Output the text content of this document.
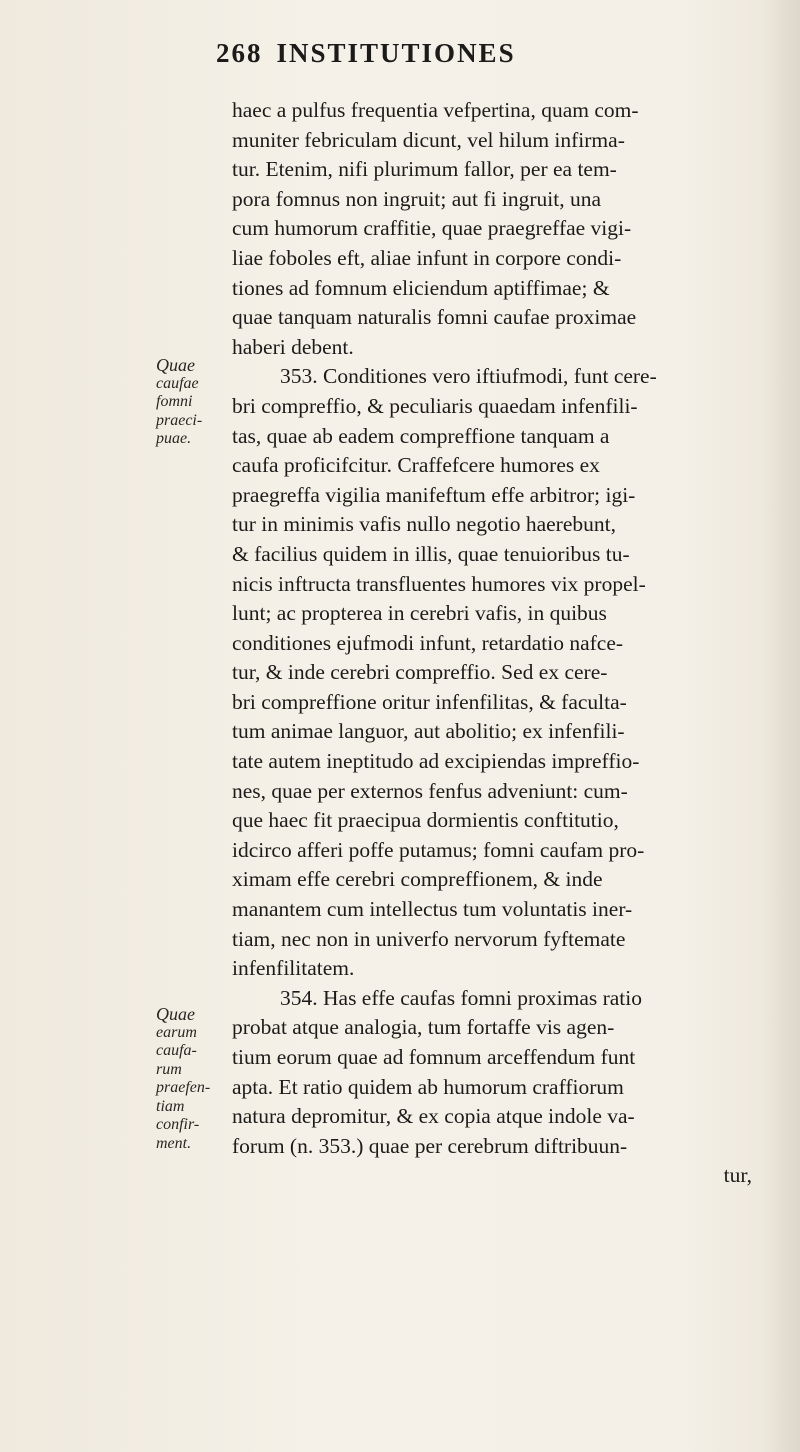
268 INSTITUTIONES
Quae
caufae
fomni
praeci-
puae.
Quae
earum
caufa-
rum
praefen-
tiam
confir-
ment.
haec a pulfus frequentia vefpertina, quam com-
muniter febriculam dicunt, vel hilum infirma-
tur. Etenim, nifi plurimum fallor, per ea tem-
pora fomnus non ingruit; aut fi ingruit, una
cum humorum craffitie, quae praegreffae vigi-
liae foboles eft, aliae infunt in corpore condi-
tiones ad fomnum eliciendum aptiffimae; &
quae tanquam naturalis fomni caufae proximae
haberi debent.
353. Conditiones vero iftiufmodi, funt cere-
bri compreffio, & peculiaris quaedam infenfili-
tas, quae ab eadem compreffione tanquam a
caufa proficifcitur. Craffefcere humores ex
praegreffa vigilia manifeftum effe arbitror; igi-
tur in minimis vafis nullo negotio haerebunt,
& facilius quidem in illis, quae tenuioribus tu-
nicis inftructa transfluentes humores vix propel-
lunt; ac propterea in cerebri vafis, in quibus
conditiones ejufmodi infunt, retardatio nafce-
tur, & inde cerebri compreffio. Sed ex cere-
bri compreffione oritur infenfilitas, & faculta-
tum animae languor, aut abolitio; ex infenfili-
tate autem ineptitudo ad excipiendas impreffio-
nes, quae per externos fenfus adveniunt: cum-
que haec fit praecipua dormientis conftitutio,
idcirco afferi poffe putamus; fomni caufam pro-
ximam effe cerebri compreffionem, & inde
manantem cum intellectus tum voluntatis iner-
tiam, nec non in univerfo nervorum fyftemate
infenfilitatem.
354. Has effe caufas fomni proximas ratio
probat atque analogia, tum fortaffe vis agen-
tium eorum quae ad fomnum arceffendum funt
apta. Et ratio quidem ab humorum craffiorum
natura depromitur, & ex copia atque indole va-
forum (n. 353.) quae per cerebrum diftribuun-
tur,
